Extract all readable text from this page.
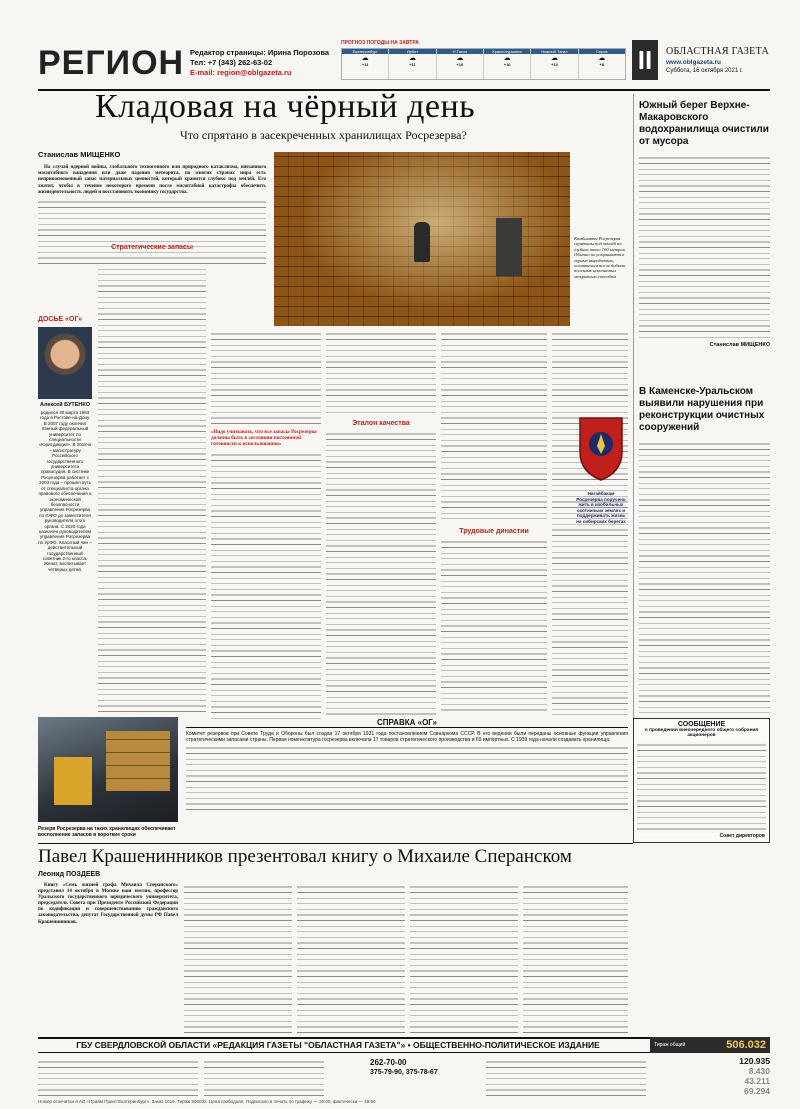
РЕГИОН Редактор страницы: Ирина Порозова
Тел: +7 (343) 262-63-02
E-mail: region@oblgazeta.ru
ПРОГНОЗ ПОГОДЫ НА ЗАВТРА
Екатеринбург
☁
+11
Ирбит
☁
+11
Н.Тагил
☁
+10
Краснотурьинск
☁
+10
Нижний Тагил
☁
+10
Серов
☁
+8	II	ОБЛАСТНАЯ ГАЗЕТА
www.oblgazeta.ru
Суббота, 16 октября 2021 г.
Кладовая на чёрный день
Что спрятано в засекреченных хранилищах Росрезерва?
Станислав МИЩЕНКО

На случай ядерной войны, глобального техногенного или природного катаклизма, внезапного масштабного нападения или даже падения метеорита, по многих странах мира есть неприкосновенный запас материальных ценностей, который хранится глубоко под землёй. Его хватит, чтобы в течение некоторого времени после масштабной катастрофы обеспечить жизнедеятельность людей и восстановить экономику государства.

Комбинаты Росрезерва спрятаны под землёй на глубине около 100 метров. Обычно их устраивают в горных выработках, оставшихся после добычи полезных ископаемых открытым способом

ДОСЬЕ «ОГ»
Алексей БУТЕНКО
родился 30 марта 1983 года в Ростове-на-Дону. В 2007 году окончил Южный федеральный университет по специальности «Юрисдикция». В 2018-м – магистратуру Российского государственного университета правосудия. В системе Росрезерва работает с 2003 года – прошёл путь от специалиста органа правового обеспечения и экономической безопасности управления Росрезерва по ЮФО до заместителя руководителя этого органа. С 2020 года назначен руководителем управления Росрезерва по УрФО. Классный чин – действительный государственный советник 2-го класса. Женат, воспитывает четверых детей.
Стратегические запасы

«Надо учитывать, что все запасы Росрезерва должны быть в состоянии постоянной готовности к использованию»

Эталон качества
Трудовые династии
Резерв Росрезерва на таких хранилищах обеспечивает восполнение запасов в короткие сроки
СПРАВКА «ОГ»
Комитет резервов при Совете Труда и Обороны был создан 17 октября 1931 года постановлением Совнаркома СССР. В его ведении были переданы основные функции управления стратегическими запасами страны. Первая номенклатура госрезерва включала 17 товаров стратегического производства и 69 импортных. С 1939 года начали создавать хранилища.
Южный берег Верхне-Макаровского водохранилища очистили от мусора
Станислав МИЩЕНКО
В Каменске-Уральском выявили нарушения при реконструкции очистных сооружений
Нагайбакам Росрезерва поручено жить в изобильных охотничьих землях и поддерживать жизнь на сибирских берегах
СООБЩЕНИЕ
о проведении внеочередного общего собрания акционеров
Совет директоров
Павел Крашенинников презентовал книгу о Михаиле Сперанском
Леонид ПОЗДЕЕВ

Книгу «Семь жизней графа Михаила Сперанского» представил 14 октября в Москве наш земляк, профессор Уральского государственного юридического университета, председатель Совета при Президенте Российской Федерации по кодификации и совершенствованию гражданского законодательства, депутат Государственной думы РФ Павел Крашенинников.

ГБУ СВЕРДЛОВСКОЙ ОБЛАСТИ «РЕДАКЦИЯ ГАЗЕТЫ "ОБЛАСТНАЯ ГАЗЕТА"» • ОБЩЕСТВЕННО-ПОЛИТИЧЕСКОЕ ИЗДАНИЕ	Тираж общий	506.032
262-70-00
375-79-90, 375-78-67
120.935
8.430
43.211
69.294
Номер отпечатан в АО «Прайм Принт Екатеринбург». Заказ 1015. Тираж 506032. Цена свободная. Подписано в печать по графику — 20:00, фактически — 19:50
